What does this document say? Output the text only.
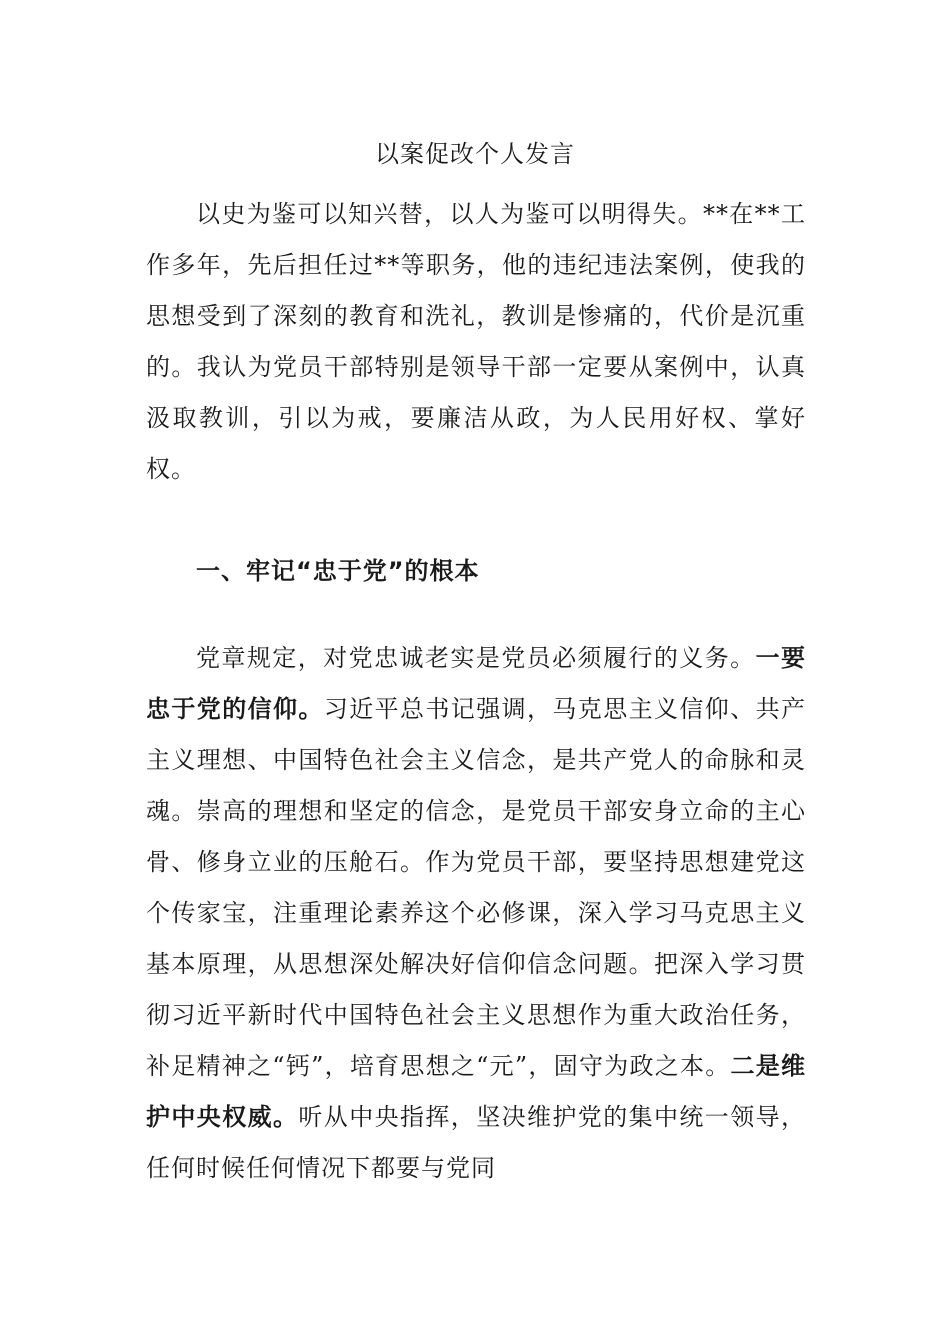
以案促改个人发言

以史为鉴可以知兴替，以人为鉴可以明得失。**在**工作多年，先后担任过**等职务，他的违纪违法案例，使我的思想受到了深刻的教育和洗礼，教训是惨痛的，代价是沉重的。我认为党员干部特别是领导干部一定要从案例中，认真汲取教训，引以为戒，要廉洁从政，为人民用好权、掌好权。

一、牢记“忠于党”的根本

党章规定，对党忠诚老实是党员必须履行的义务。一要忠于党的信仰。习近平总书记强调，马克思主义信仰、共产主义理想、中国特色社会主义信念，是共产党人的命脉和灵魂。崇高的理想和坚定的信念，是党员干部安身立命的主心骨、修身立业的压舱石。作为党员干部，要坚持思想建党这个传家宝，注重理论素养这个必修课，深入学习马克思主义基本原理，从思想深处解决好信仰信念问题。把深入学习贯彻习近平新时代中国特色社会主义思想作为重大政治任务，补足精神之“钙”，培育思想之“元”，固守为政之本。二是维护中央权威。听从中央指挥，坚决维护党的集中统一领导，任何时候任何情况下都要与党同
